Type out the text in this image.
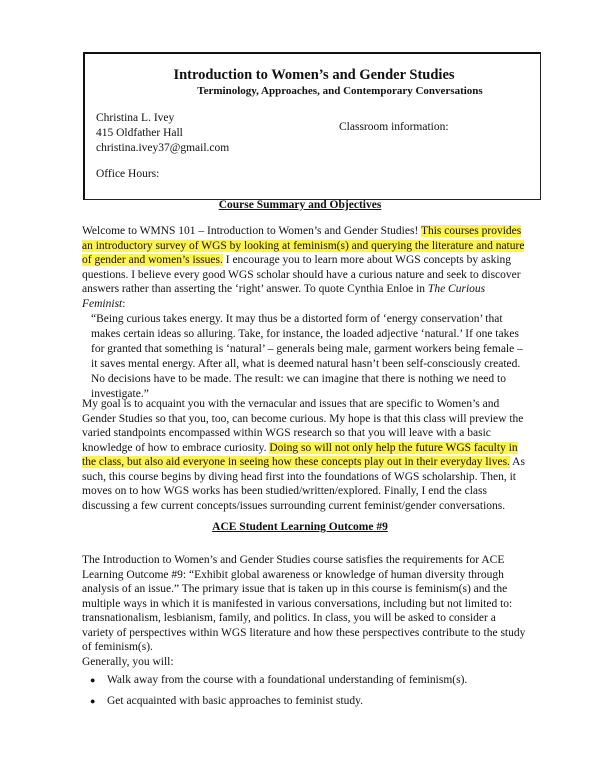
Introduction to Women’s and Gender Studies
Terminology, Approaches, and Contemporary Conversations
Christina L. Ivey
415 Oldfather Hall
christina.ivey37@gmail.com
Classroom information:
Office Hours:
Course Summary and Objectives

Welcome to WMNS 101 – Introduction to Women’s and Gender Studies! This courses provides an introductory survey of WGS by looking at feminism(s) and querying the literature and nature of gender and women’s issues. I encourage you to learn more about WGS concepts by asking questions. I believe every good WGS scholar should have a curious nature and seek to discover answers rather than asserting the ‘right’ answer. To quote Cynthia Enloe in The Curious Feminist:

“Being curious takes energy. It may thus be a distorted form of ‘energy conservation’ that makes certain ideas so alluring. Take, for instance, the loaded adjective ‘natural.’ If one takes for granted that something is ‘natural’ – generals being male, garment workers being female – it saves mental energy. After all, what is deemed natural hasn’t been self-consciously created. No decisions have to be made. The result: we can imagine that there is nothing we need to investigate.”

My goal is to acquaint you with the vernacular and issues that are specific to Women’s and Gender Studies so that you, too, can become curious. My hope is that this class will preview the varied standpoints encompassed within WGS research so that you will leave with a basic knowledge of how to embrace curiosity. Doing so will not only help the future WGS faculty in the class, but also aid everyone in seeing how these concepts play out in their everyday lives. As such, this course begins by diving head first into the foundations of WGS scholarship. Then, it moves on to how WGS works has been studied/written/explored. Finally, I end the class discussing a few current concepts/issues surrounding current feminist/gender conversations.

ACE Student Learning Outcome #9
The Introduction to Women’s and Gender Studies course satisfies the requirements for ACE Learning Outcome #9: “Exhibit global awareness or knowledge of human diversity through analysis of an issue.” The primary issue that is taken up in this course is feminism(s) and the multiple ways in which it is manifested in various conversations, including but not limited to: transnationalism, lesbianism, family, and politics. In class, you will be asked to consider a variety of perspectives within WGS literature and how these perspectives contribute to the study of feminism(s).
Generally, you will:
●	Walk away from the course with a foundational understanding of feminism(s).
●	Get acquainted with basic approaches to feminist study.
